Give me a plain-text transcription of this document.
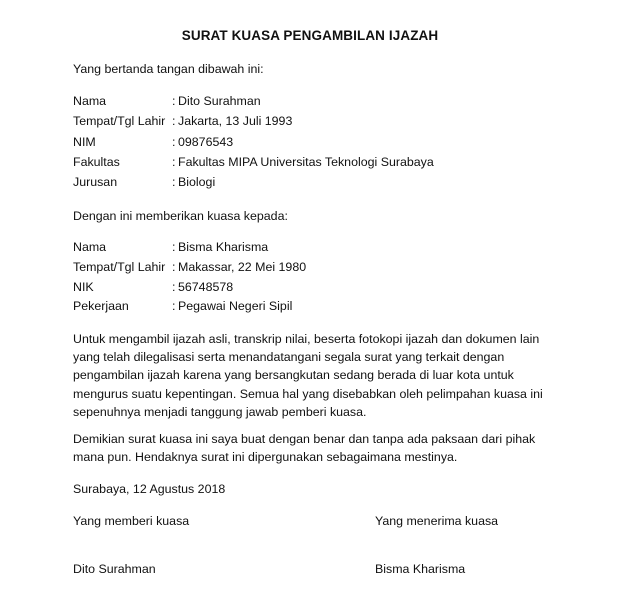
SURAT KUASA PENGAMBILAN IJAZAH
Yang bertanda tangan dibawah ini:
Nama	: Dito Surahman
Tempat/Tgl Lahir : Jakarta, 13 Juli 1993
NIM	: 09876543
Fakultas	: Fakultas MIPA Universitas Teknologi Surabaya
Jurusan	: Biologi
Dengan ini memberikan kuasa kepada:
Nama	: Bisma Kharisma
Tempat/Tgl Lahir : Makassar, 22 Mei 1980
NIK	: 56748578
Pekerjaan	: Pegawai Negeri Sipil
Untuk mengambil ijazah asli, transkrip nilai, beserta fotokopi ijazah dan dokumen lain
yang telah dilegalisasi serta menandatangani segala surat yang terkait dengan
pengambilan ijazah karena yang bersangkutan sedang berada di luar kota untuk
mengurus suatu kepentingan. Semua hal yang disebabkan oleh pelimpahan kuasa ini
sepenuhnya menjadi tanggung jawab pemberi kuasa.
Demikian surat kuasa ini saya buat dengan benar dan tanpa ada paksaan dari pihak
mana pun. Hendaknya surat ini dipergunakan sebagaimana mestinya.
Surabaya, 12 Agustus 2018
Yang memberi kuasa	Yang menerima kuasa
Dito Surahman	Bisma Kharisma
